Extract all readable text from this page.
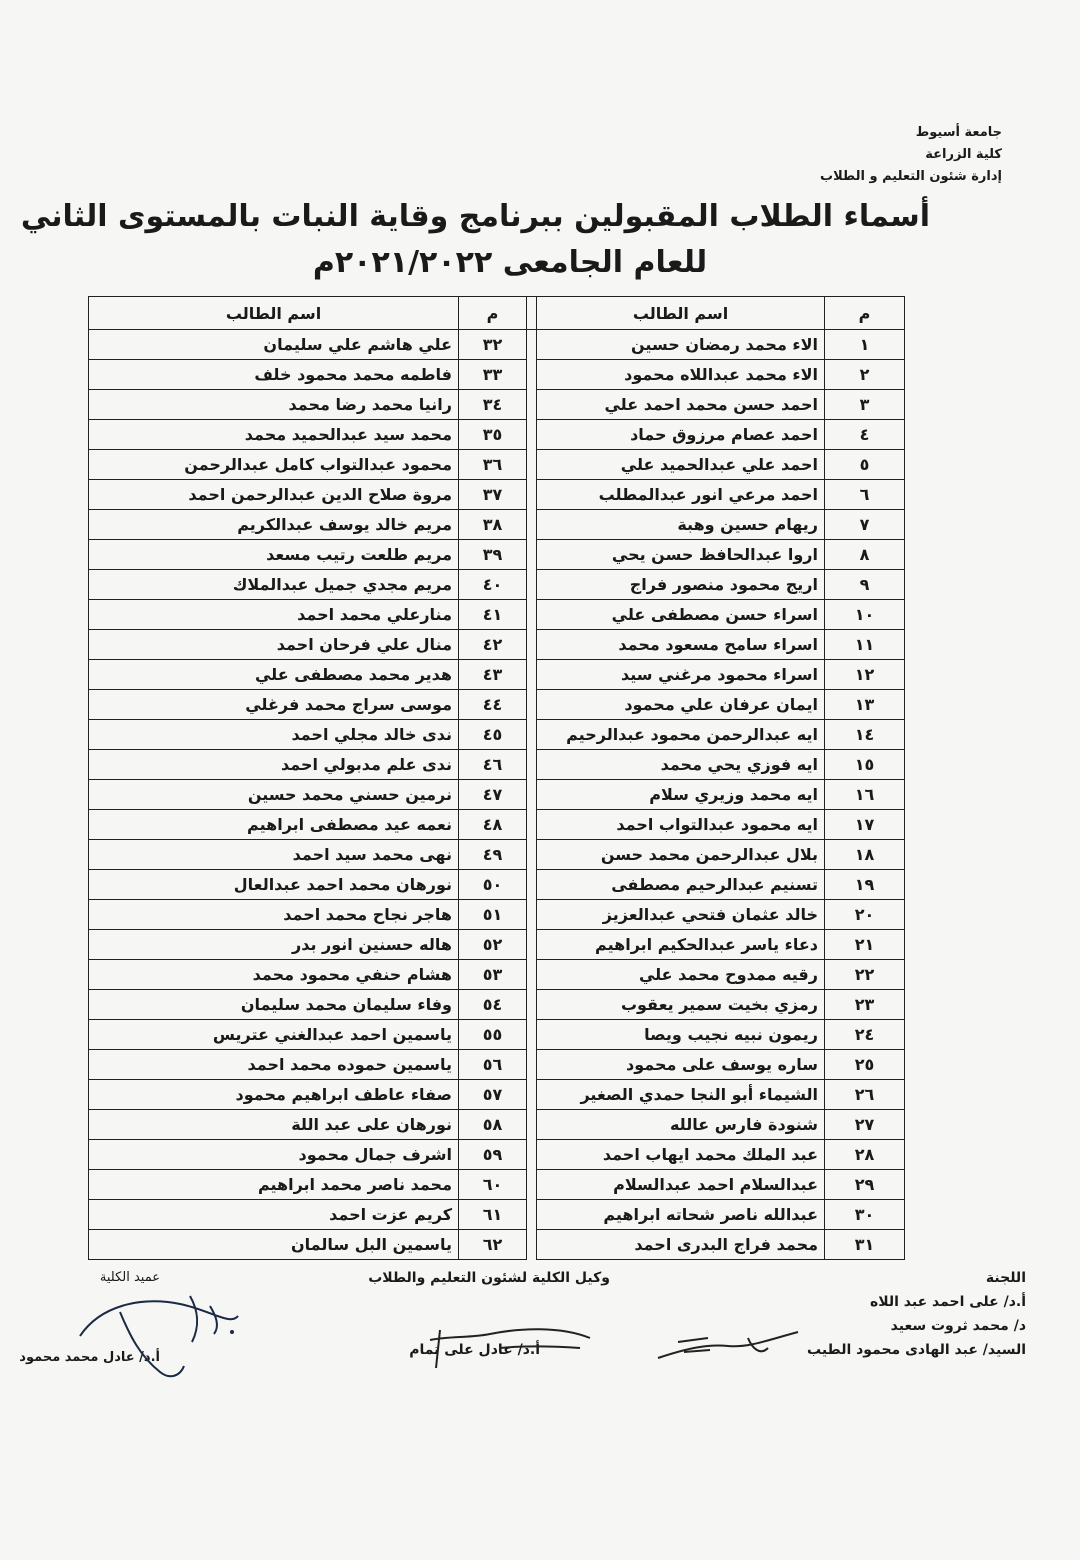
جامعة أسيوط
كلية الزراعة
إدارة شئون التعليم و الطلاب
أسماء الطلاب المقبولين ببرنامج وقاية النبات بالمستوى الثاني
للعام الجامعى ٢٠٢١/٢٠٢٢م
م	اسم الطالب		م	اسم الطالب
١	الاء محمد رمضان حسين		٣٢	علي هاشم علي سليمان
٢	الاء محمد عبداللاه محمود		٣٣	فاطمه محمد محمود خلف
٣	احمد حسن محمد احمد علي		٣٤	رانيا محمد رضا محمد
٤	احمد عصام مرزوق حماد		٣٥	محمد سيد عبدالحميد محمد
٥	احمد علي عبدالحميد علي		٣٦	محمود عبدالتواب كامل عبدالرحمن
٦	احمد مرعي انور عبدالمطلب		٣٧	مروة صلاح الدين عبدالرحمن احمد
٧	ريهام حسين وهبة		٣٨	مريم خالد يوسف عبدالكريم
٨	اروا عبدالحافظ حسن يحي		٣٩	مريم طلعت رتيب مسعد
٩	اريج محمود منصور فراج		٤٠	مريم مجدي جميل عبدالملاك
١٠	اسراء حسن مصطفى علي		٤١	منارعلي محمد احمد
١١	اسراء سامح مسعود محمد		٤٢	منال علي فرحان احمد
١٢	اسراء محمود مرغني سيد		٤٣	هدير محمد مصطفى علي
١٣	ايمان عرفان علي محمود		٤٤	موسى سراج محمد فرغلي
١٤	ايه عبدالرحمن محمود عبدالرحيم		٤٥	ندى خالد مجلي احمد
١٥	ايه فوزي يحي محمد		٤٦	ندى علم مدبولي احمد
١٦	ايه محمد وزيري سلام		٤٧	نرمين حسني محمد حسين
١٧	ايه محمود عبدالتواب احمد		٤٨	نعمه عيد مصطفى ابراهيم
١٨	بلال عبدالرحمن محمد حسن		٤٩	نهى محمد سيد احمد
١٩	تسنيم عبدالرحيم مصطفى		٥٠	نورهان محمد احمد عبدالعال
٢٠	خالد عثمان فتحي عبدالعزيز		٥١	هاجر نجاح محمد احمد
٢١	دعاء ياسر عبدالحكيم ابراهيم		٥٢	هاله حسنين انور بدر
٢٢	رقيه ممدوح محمد علي		٥٣	هشام حنفي محمود محمد
٢٣	رمزي بخيت سمير يعقوب		٥٤	وفاء سليمان محمد سليمان
٢٤	ريمون نبيه نجيب ويصا		٥٥	ياسمين احمد عبدالغني عتريس
٢٥	ساره يوسف على محمود		٥٦	ياسمين حموده محمد احمد
٢٦	الشيماء أبو النجا حمدي الصغير		٥٧	صفاء عاطف ابراهيم محمود
٢٧	شنودة فارس عالله		٥٨	نورهان على عبد اللة
٢٨	عبد الملك محمد ايهاب احمد		٥٩	اشرف جمال محمود
٢٩	عبدالسلام احمد عبدالسلام		٦٠	محمد ناصر محمد ابراهيم
٣٠	عبدالله ناصر شحاته ابراهيم		٦١	كريم عزت احمد
٣١	محمد فراج البدرى احمد		٦٢	ياسمين البل سالمان
اللجنة
أ.د/ على احمد عبد اللاه
د/ محمد ثروت سعيد
السيد/ عبد الهادى محمود الطيب
وكيل الكلية لشئون التعليم والطلاب
أ.د/ عادل على تمام
عميد الكلية
أ.د/ عادل محمد محمود
